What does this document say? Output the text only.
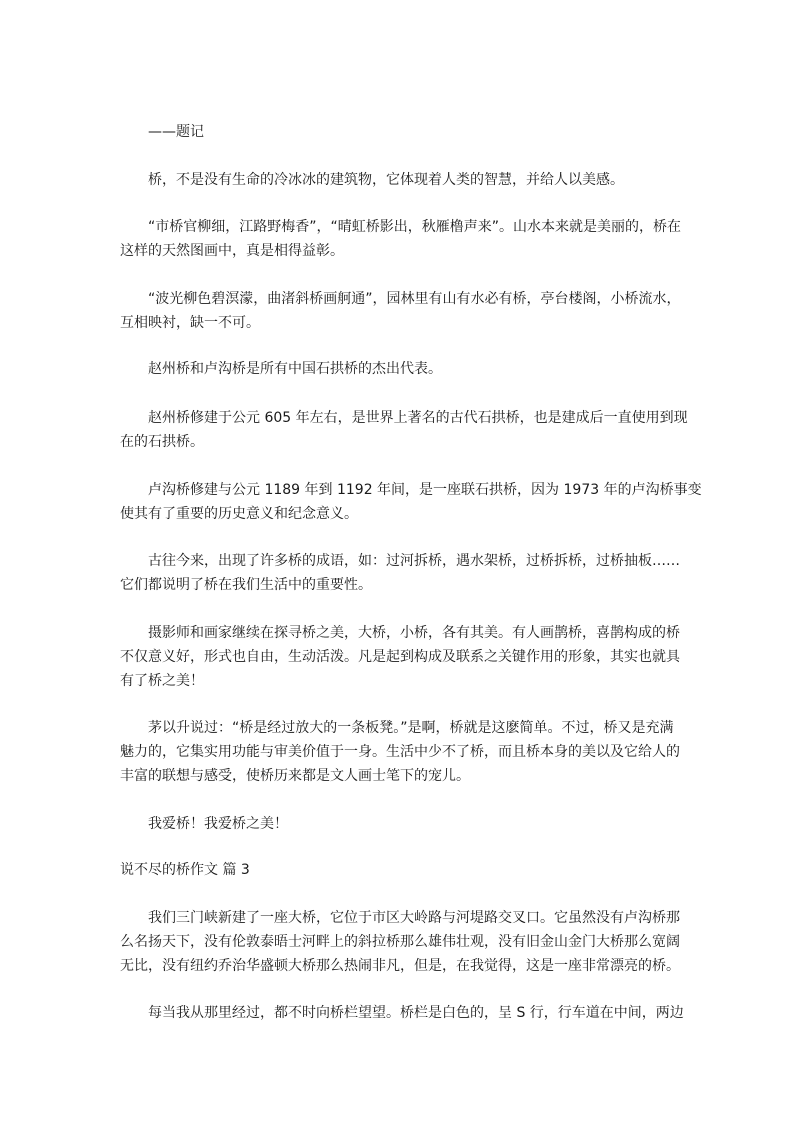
——题记
桥，不是没有生命的冷冰冰的建筑物，它体现着人类的智慧，并给人以美感。
“市桥官柳细，江路野梅香”，“晴虹桥影出，秋雁橹声来”。山水本来就是美丽的，桥在
这样的天然图画中，真是相得益彰。
“波光柳色碧溟濛，曲渚斜桥画舸通”，园林里有山有水必有桥，亭台楼阁，小桥流水，
互相映衬，缺一不可。
赵州桥和卢沟桥是所有中国石拱桥的杰出代表。
赵州桥修建于公元 605 年左右，是世界上著名的古代石拱桥，也是建成后一直使用到现
在的石拱桥。
卢沟桥修建与公元 1189 年到 1192 年间，是一座联石拱桥，因为 1973 年的卢沟桥事变
使其有了重要的历史意义和纪念意义。
古往今来，出现了许多桥的成语，如：过河拆桥，遇水架桥，过桥拆桥，过桥抽板……
它们都说明了桥在我们生活中的重要性。
摄影师和画家继续在探寻桥之美，大桥，小桥，各有其美。有人画鹊桥，喜鹊构成的桥
不仅意义好，形式也自由，生动活泼。凡是起到构成及联系之关键作用的形象，其实也就具
有了桥之美！
茅以升说过：“桥是经过放大的一条板凳。”是啊，桥就是这麽简单。不过，桥又是充满
魅力的，它集实用功能与审美价值于一身。生活中少不了桥，而且桥本身的美以及它给人的
丰富的联想与感受，使桥历来都是文人画士笔下的宠儿。
我爱桥！我爱桥之美！
说不尽的桥作文 篇 3
我们三门峡新建了一座大桥，它位于市区大岭路与河堤路交叉口。它虽然没有卢沟桥那
么名扬天下，没有伦敦泰晤士河畔上的斜拉桥那么雄伟壮观，没有旧金山金门大桥那么宽阔
无比，没有纽约乔治华盛顿大桥那么热闹非凡，但是，在我觉得，这是一座非常漂亮的桥。
每当我从那里经过，都不时向桥栏望望。桥栏是白色的，呈 S 行，行车道在中间，两边
